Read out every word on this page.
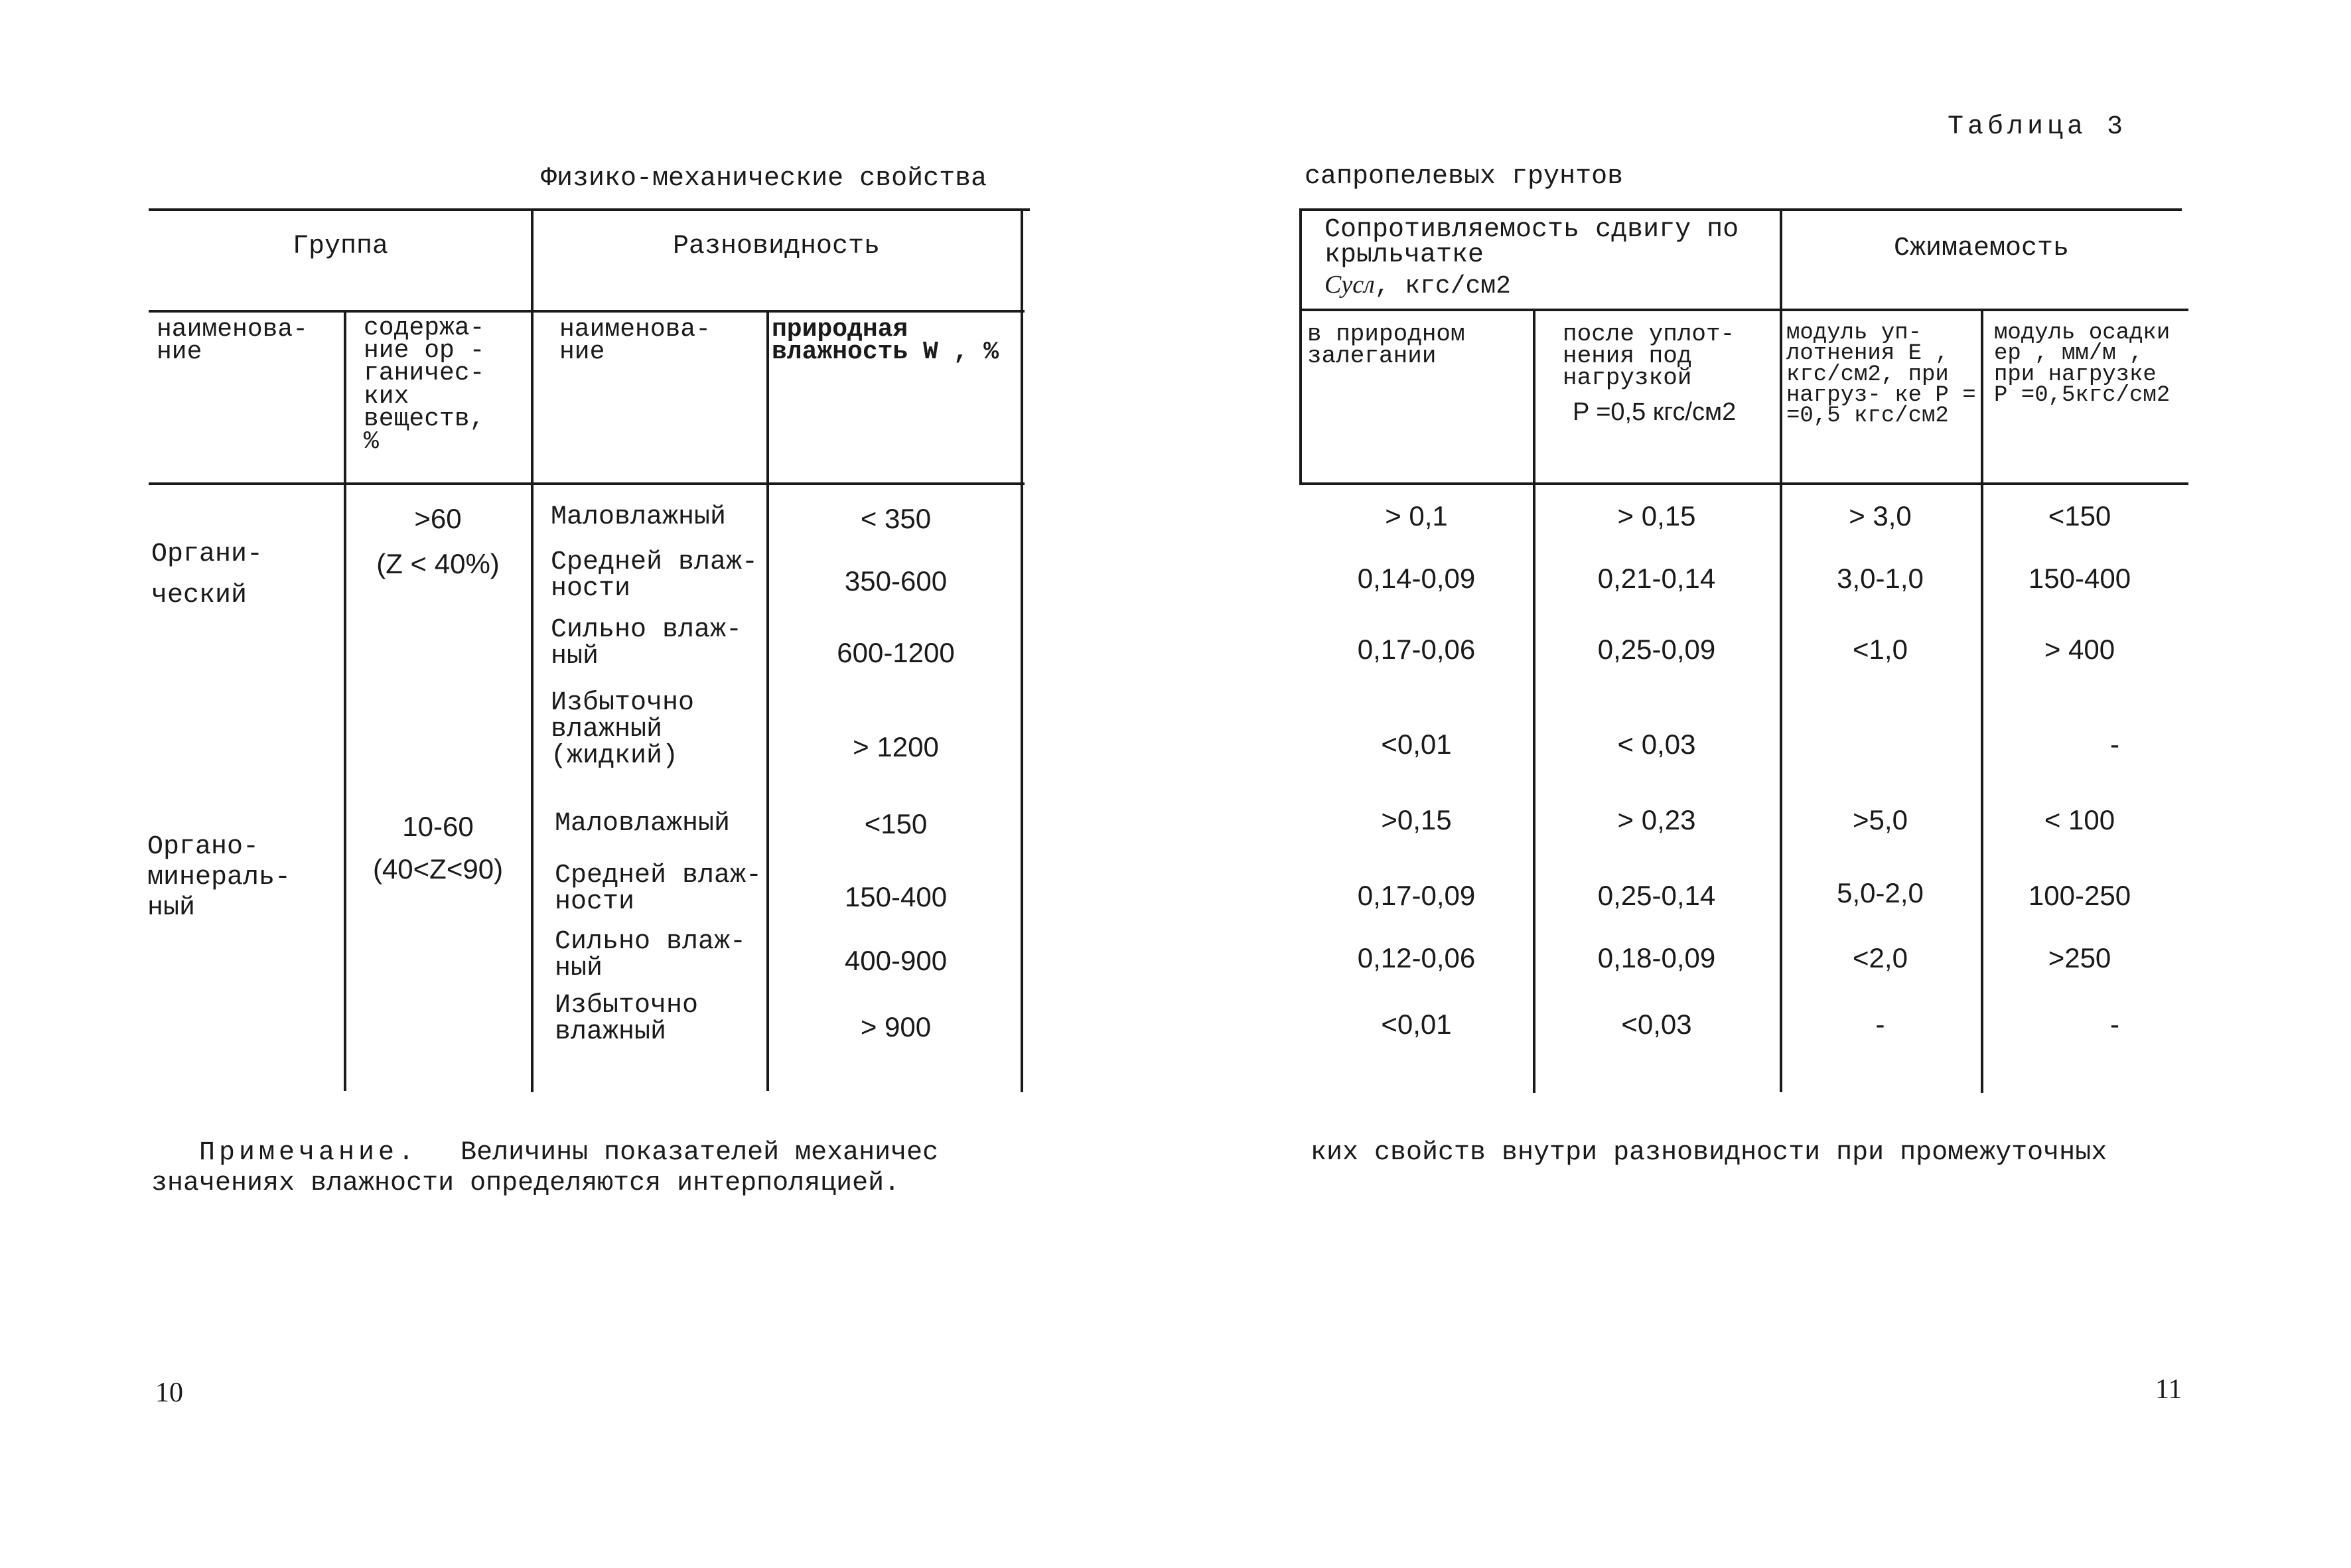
Физико-механические свойства
Группа	Разновидность
наименова- ние
содержа- ние ор - ганичес- ких веществ, %
наименова- ние
природная влажность W , %
Органи- ческий
>60
(Z < 40%)
Органо- минераль- ный
10-60
(40<Z<90)
Маловлажный
Средней влаж- ности
Сильно влаж- ный
Избыточно влажный (жидкий)
Маловлажный
Средней влаж- ности
Сильно влаж- ный
Избыточно влажный
< 350
350-600
600-1200
> 1200
<150
150-400
400-900
> 900
Примечание. Величины показателей механичес
значениях влажности определяются интерполяцией.
10
Таблица 3
сапропелевых грунтов
Сопротивляемость сдвигу по крыльчатке
Cусл, кгс/см2
Сжимаемость
в природном залегании
после уплот- нения под нагрузкой
P =0,5 кгс/см2
модуль уп- лотнения E , кгс/см2, при нагруз- ке P = =0,5 кгс/см2
модуль осадки ep , мм/м , при нагрузке P =0,5кгс/см2
> 0,1
0,14-0,09
0,17-0,06
<0,01
>0,15
0,17-0,09
0,12-0,06
<0,01
> 0,15
0,21-0,14
0,25-0,09
< 0,03
> 0,23
0,25-0,14
0,18-0,09
<0,03
> 3,0
3,0-1,0
<1,0
>5,0
5,0-2,0
<2,0
-
<150
150-400
> 400
-
< 100
100-250
>250
-
ких свойств внутри разновидности при промежуточных
11
